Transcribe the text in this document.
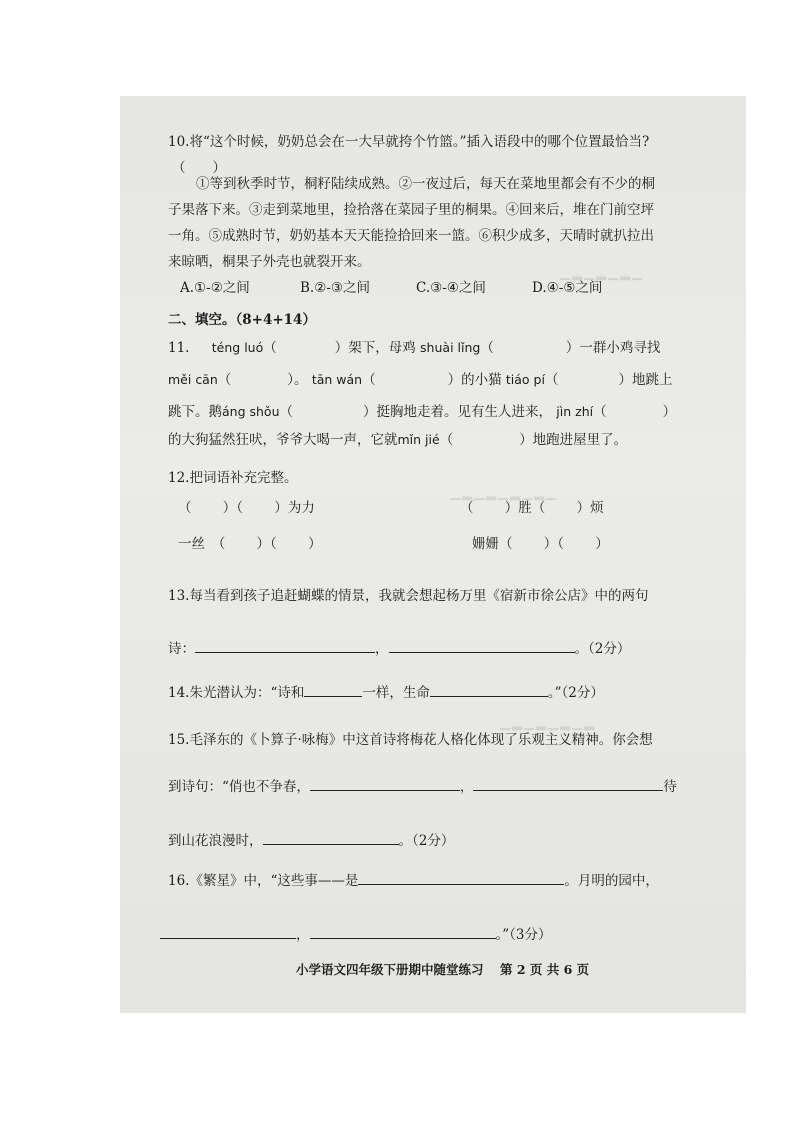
▁▂▁▂▁▂▁
▁▂▁▂▁▂▁▂▁
▁▂▁▂▁▂▁▂
10.将“这个时候，奶奶总会在一大早就挎个竹篮。”插入语段中的哪个位置最恰当?
（　　）
①等到秋季时节，桐籽陆续成熟。②一夜过后，每天在菜地里都会有不少的桐
子果落下来。③走到菜地里，捡拾落在菜园子里的桐果。④回来后，堆在门前空坪
一角。⑤成熟时节，奶奶基本天天能捡拾回来一篮。⑥积少成多，天晴时就扒拉出
来晾晒，桐果子外壳也就裂开来。
A.①-②之间	B.②-③之间	C.③-④之间	D.④-⑤之间
二、填空。（8+4+14）
11. téng luó（	）架下，母鸡 shuài lǐng（	）一群小鸡寻找
měi cān（	）。 tān wán（	）的小猫 tiáo pí（	）地跳上
跳下。鹅áng shǒu（	）挺胸地走着。见有生人进来， jìn zhí（	）
的大狗猛然狂吠，爷爷大喝一声，它就mǐn jié（	）地跑进屋里了。
12.把词语补充完整。
（　　 ）（　　 ）为力	（　　 ）胜（　　 ）烦
一丝　 （　　 ）（　　 ）	姗姗（　　 ）（　　 ）
13.每当看到孩子追赶蝴蝶的情景，我就会想起杨万里《宿新市徐公店》中的两句
诗：	，	。（2分）
14.朱光潜认为：“诗和	一样，生命	。”（2分）
15.毛泽东的《卜算子·咏梅》中这首诗将梅花人格化体现了乐观主义精神。你会想
到诗句：“俏也不争春，	，	待
到山花浪漫时，	。（2分）
16.《繁星》中，“这些事——是	。月明的园中，
，	。”（3分）
小学语文四年级下册期中随堂练习 第 2 页 共 6 页
